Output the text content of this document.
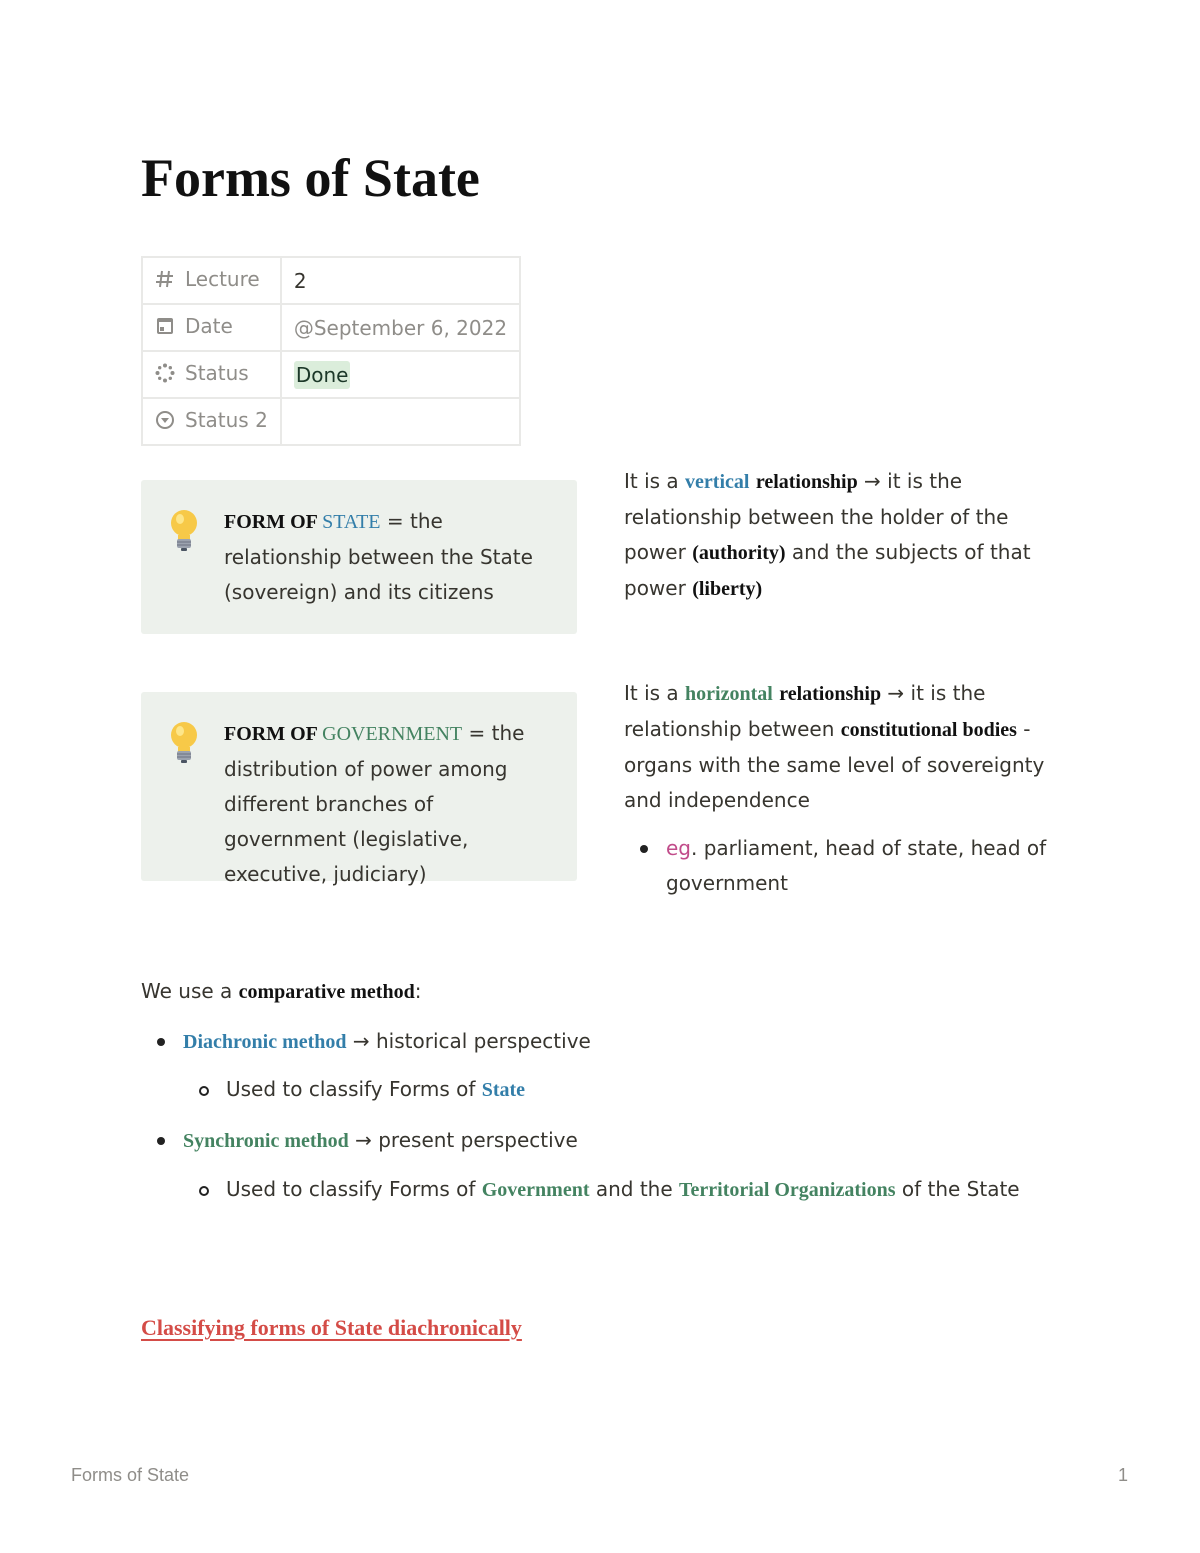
Forms of State
Lecture	2
Date	@September 6, 2022
Status	Done
Status 2	
FORM OF STATE = the relationship between the State (sovereign) and its citizens
FORM OF GOVERNMENT = the distribution of power among different branches of government (legislative, executive, judiciary)

It is a vertical relationship → it is the relationship between the holder of the power (authority) and the subjects of that power (liberty)

It is a horizontal relationship → it is the relationship between constitutional bodies - organs with the same level of sovereignty and independence

eg. parliament, head of state, head of government
We use a comparative method:
Diachronic method → historical perspective
Used to classify Forms of State
Synchronic method → present perspective
Used to classify Forms of Government and the Territorial Organizations of the State
Classifying forms of State diachronically
Forms of State	1
